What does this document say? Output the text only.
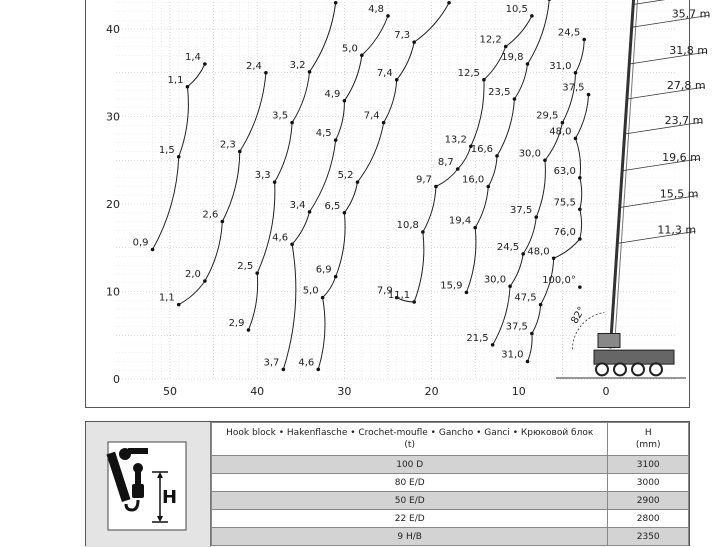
50	40	30	20	10	0
0
10
20
30
40
0,9
1,5
1,1
1,4
1,1
2,0
2,6
2,3
2,4
2,9
2,5
3,3
3,5
3,2
3,7
4,6
3,4
4,5
4,9
5,0
4,8
4,6
5,0
6,9
6,5
5,2
7,4
7,4
7,3
7,9
11,1
10,8
9,7
8,7
13,2
12,5
12,2
10,5
15,9
19,4
16,0
16,6
23,5
19,8
21,5
30,0
24,5
37,5
30,0
29,5
31,0
24,5
31,0
37,5
47,5
48,0
76,0
75,5
63,0
48,0
37,5
100,0°
35,7 m
31,8 m
27,8 m
23,7 m
19,6 m
15,5 m
11,3 m
82°
H
Hook block • Hakenflasche • Crochet-moufle • Gancho • Ganci • Крюковой блок
(t)	H
(mm)
100 D	3100
80 E/D	3000
50 E/D	2900
22 E/D	2800
9 H/B	2350
